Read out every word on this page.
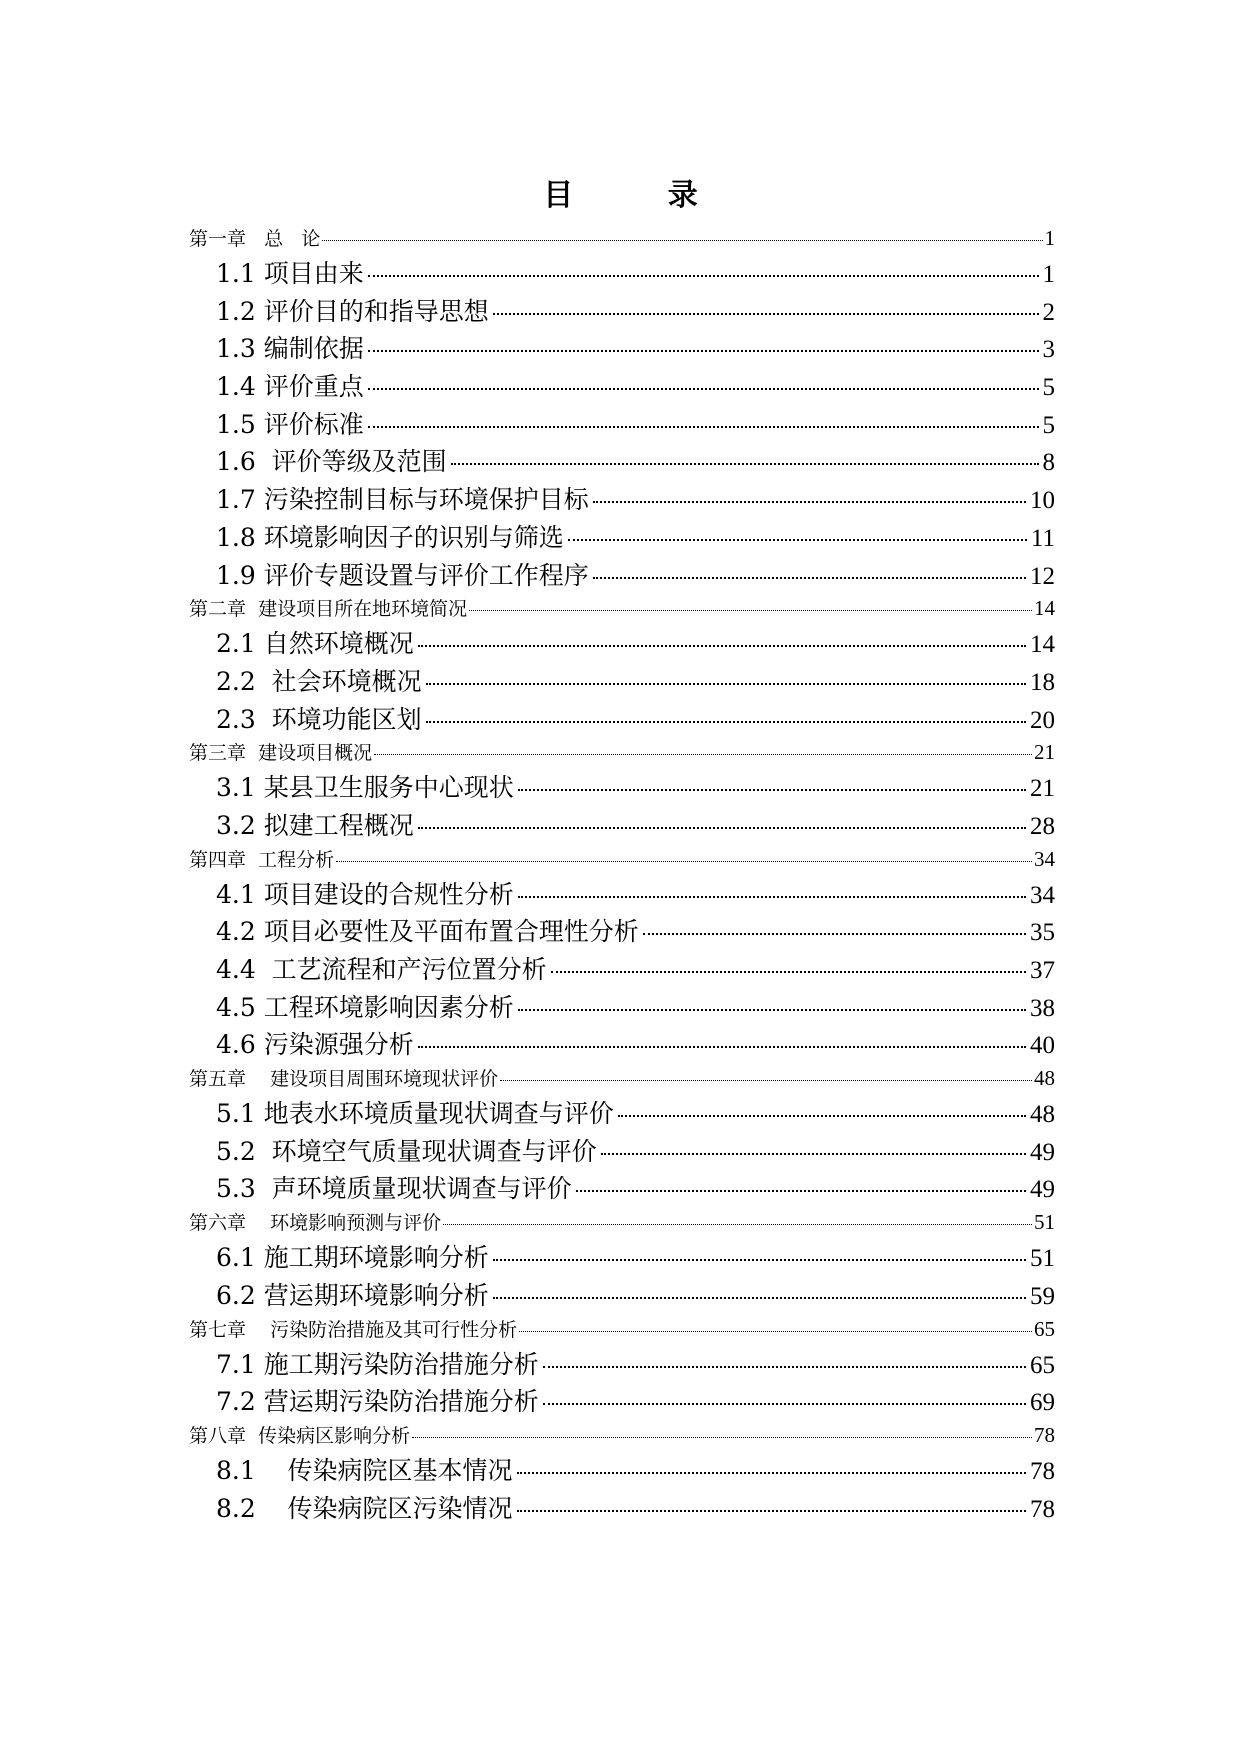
目 录
第一章   总   论	1
1.1 项目由来	1
1.2 评价目的和指导思想	2
1.3 编制依据	3
1.4 评价重点	5
1.5 评价标准	5
1.6  评价等级及范围	8
1.7 污染控制目标与环境保护目标	10
1.8 环境影响因子的识别与筛选	11
1.9 评价专题设置与评价工作程序	12
第二章  建设项目所在地环境简况	14
2.1 自然环境概况	14
2.2  社会环境概况	18
2.3  环境功能区划	20
第三章  建设项目概况	21
3.1 某县卫生服务中心现状	21
3.2 拟建工程概况	28
第四章  工程分析	34
4.1 项目建设的合规性分析	34
4.2 项目必要性及平面布置合理性分析	35
4.4  工艺流程和产污位置分析	37
4.5 工程环境影响因素分析	38
4.6 污染源强分析	40
第五章    建设项目周围环境现状评价	48
5.1 地表水环境质量现状调查与评价	48
5.2  环境空气质量现状调查与评价	49
5.3  声环境质量现状调查与评价	49
第六章    环境影响预测与评价	51
6.1 施工期环境影响分析	51
6.2 营运期环境影响分析	59
第七章    污染防治措施及其可行性分析	65
7.1 施工期污染防治措施分析	65
7.2 营运期污染防治措施分析	69
第八章  传染病区影响分析	78
8.1    传染病院区基本情况	78
8.2    传染病院区污染情况	78
